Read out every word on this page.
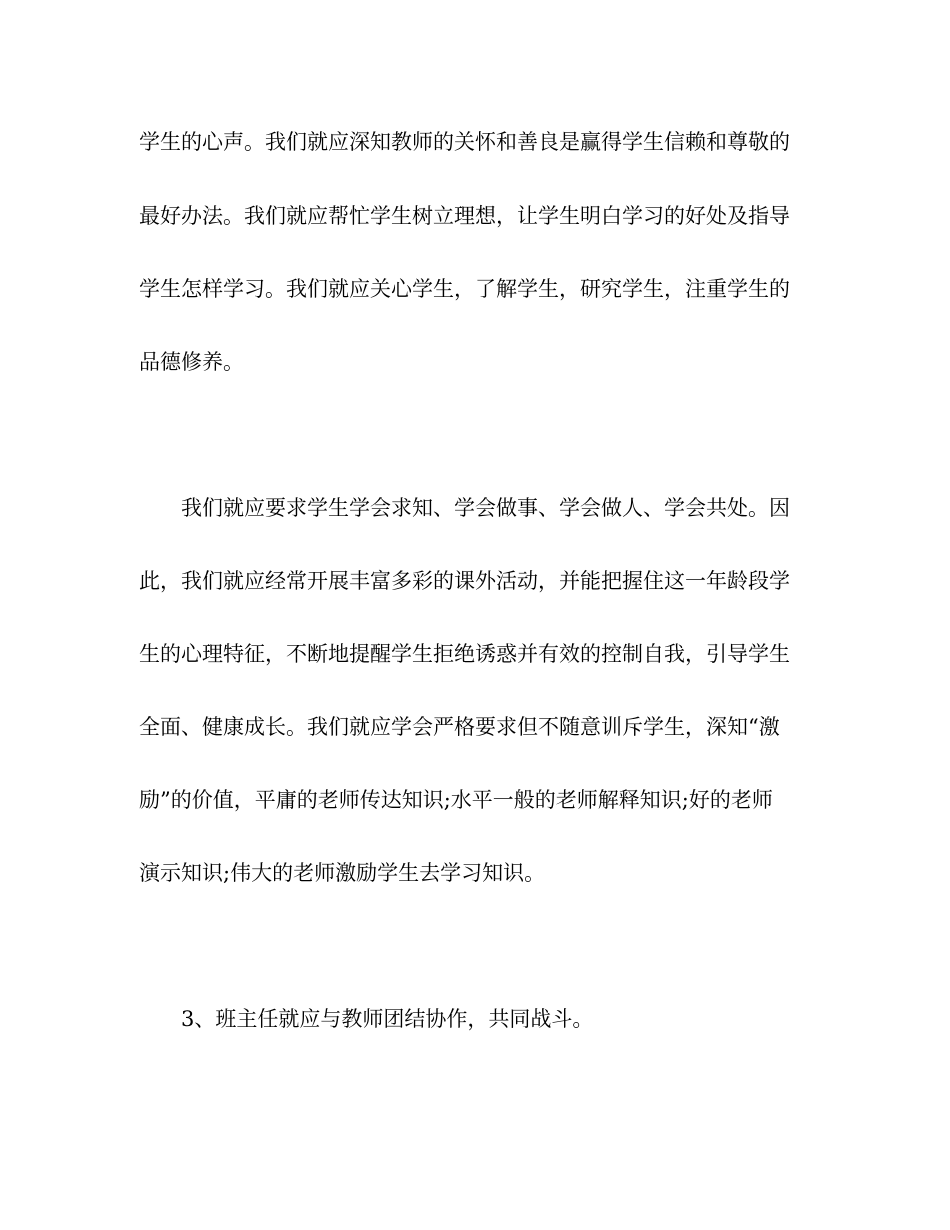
学生的心声。我们就应深知教师的关怀和善良是赢得学生信赖和尊敬的
最好办法。我们就应帮忙学生树立理想，让学生明白学习的好处及指导
学生怎样学习。我们就应关心学生，了解学生，研究学生，注重学生的
品德修养。
我们就应要求学生学会求知、学会做事、学会做人、学会共处。因
此，我们就应经常开展丰富多彩的课外活动，并能把握住这一年龄段学
生的心理特征，不断地提醒学生拒绝诱惑并有效的控制自我，引导学生
全面、健康成长。我们就应学会严格要求但不随意训斥学生，深知“激
励”的价值，平庸的老师传达知识;水平一般的老师解释知识;好的老师
演示知识;伟大的老师激励学生去学习知识。
3、班主任就应与教师团结协作，共同战斗。
